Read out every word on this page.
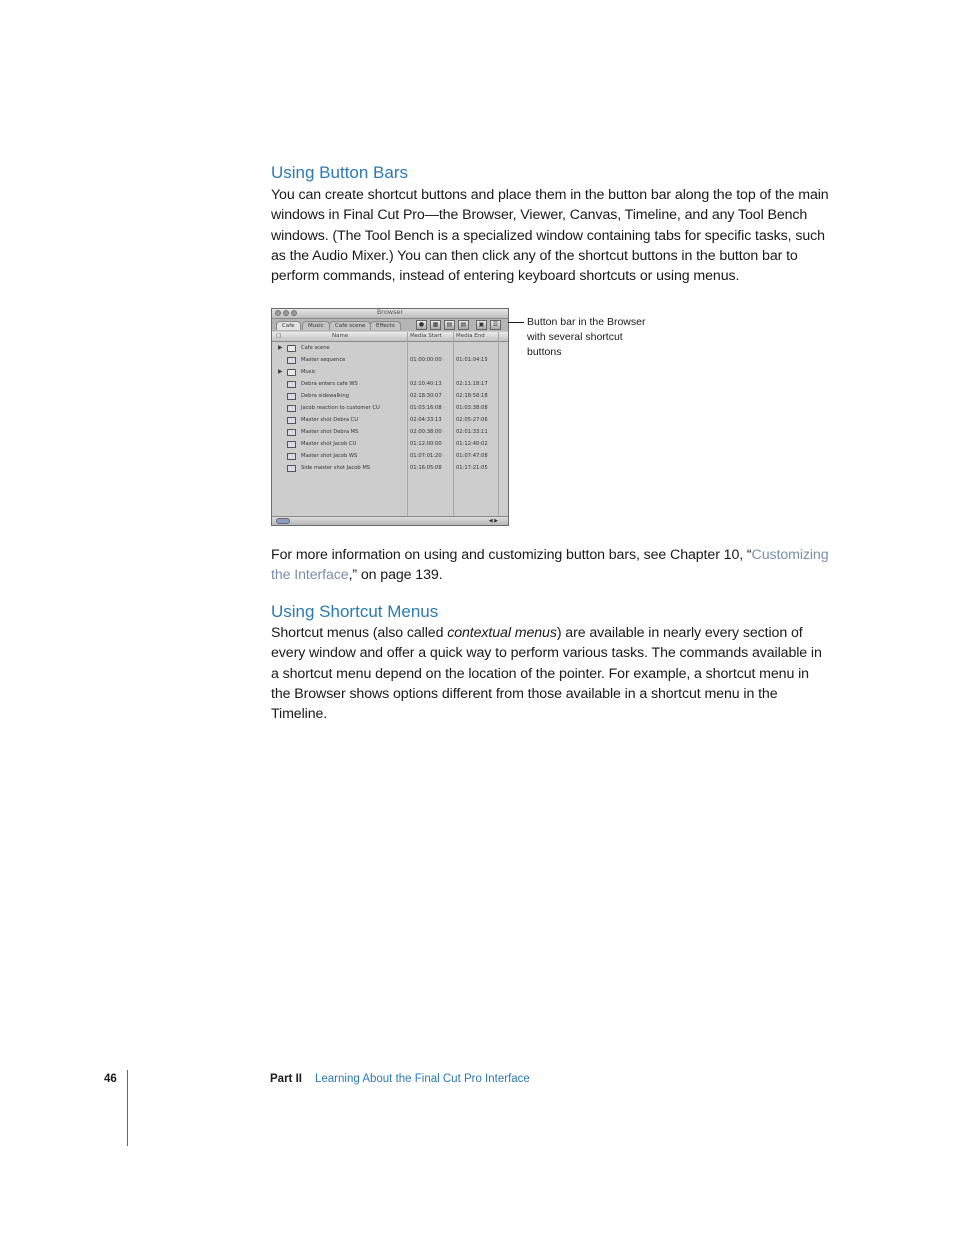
Using Button Bars

You can create shortcut buttons and place them in the button bar along the top of the main windows in Final Cut Pro—the Browser, Viewer, Canvas, Timeline, and any Tool Bench windows. (The Tool Bench is a specialized window containing tabs for specific tasks, such as the Audio Mixer.) You can then click any of the shortcut buttons in the button bar to perform commands, instead of entering keyboard shortcuts or using menus.

Browser
Cafe	Music	Cafe scene	Effects	●	▦	▤	▤	▣	☰
□	Name	Media Start	Media End
▶	Cafe scene
Master sequence	01:00:00:00	01:01:04:15
▶	Music
Debra enters cafe WS	02:10:40:13	02:11:18:17
Debra sidewalking	02:18:30:07	02:18:58:18
Jacob reaction to customer CU	01:03:16:08	01:03:38:08
Master shot Debra CU	02:04:33:13	02:05:27:06
Master shot Debra MS	02:00:38:00	02:01:33:11
Master shot Jacob CU	01:12:00:00	01:12:40:02
Master shot Jacob WS	01:07:01:20	01:07:47:08
Side master shot Jacob MS	01:16:05:08	01:17:21:05
◀ ▶
Button bar in the Browser with several shortcut buttons

For more information on using and customizing button bars, see Chapter 10, “Customizing the Interface,” on page 139.

Using Shortcut Menus

Shortcut menus (also called contextual menus) are available in nearly every section of every window and offer a quick way to perform various tasks. The commands available in a shortcut menu depend on the location of the pointer. For example, a shortcut menu in the Browser shows options different from those available in a shortcut menu in the Timeline.

46	Part II Learning About the Final Cut Pro Interface
